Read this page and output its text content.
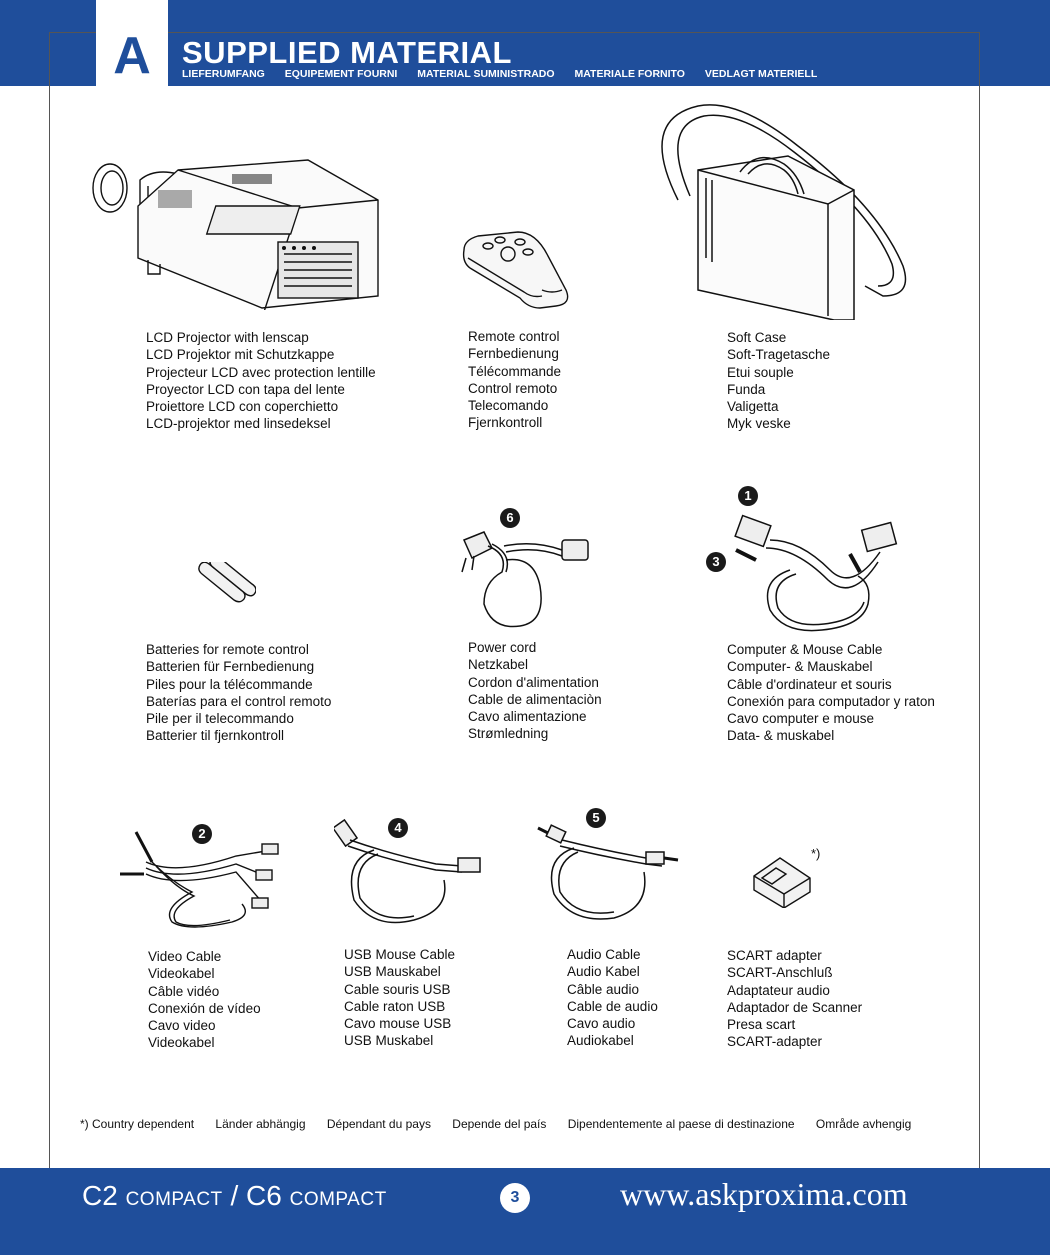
A	SUPPLIED MATERIAL
LIEFERUMFANG EQUIPEMENT FOURNI MATERIAL SUMINISTRADO MATERIALE FORNITO VEDLAGT MATERIELL
6
1
3
2	4
5
*)
LCD Projector with lenscap
LCD Projektor mit Schutzkappe
Projecteur LCD avec protection lentille
Proyector LCD con tapa del lente
Proiettore LCD con coperchietto
LCD-projektor med linsedeksel
Remote control
Fernbedienung
Télécommande
Control remoto
Telecomando
Fjernkontroll
Soft Case
Soft-Tragetasche
Etui souple
Funda
Valigetta
Myk veske
Batteries for remote control
Batterien für Fernbedienung
Piles pour la télécommande
Baterías para el control remoto
Pile per il telecommando
Batterier til fjernkontroll
Power cord
Netzkabel
Cordon d'alimentation
Cable de alimentaciòn
Cavo alimentazione
Strømledning
Computer & Mouse Cable
Computer- & Mauskabel
Câble d'ordinateur et souris
Conexión para computador y raton
Cavo computer e mouse
Data- & muskabel
Video Cable
Videokabel
Câble vidéo
Conexión de vídeo
Cavo video
Videokabel
USB Mouse Cable
USB Mauskabel
Cable souris USB
Cable raton USB
Cavo mouse USB
USB Muskabel
Audio Cable
Audio Kabel
Câble audio
Cable de audio
Cavo audio
Audiokabel
SCART adapter
SCART-Anschluß
Adaptateur audio
Adaptador de Scanner
Presa scart
SCART-adapter
*) Country dependent Länder abhängig Dépendant du pays Depende del país Dipendentemente al paese di destinazione Område avhengig
C2 COMPACT / C6 COMPACT	3	www.askproxima.com
